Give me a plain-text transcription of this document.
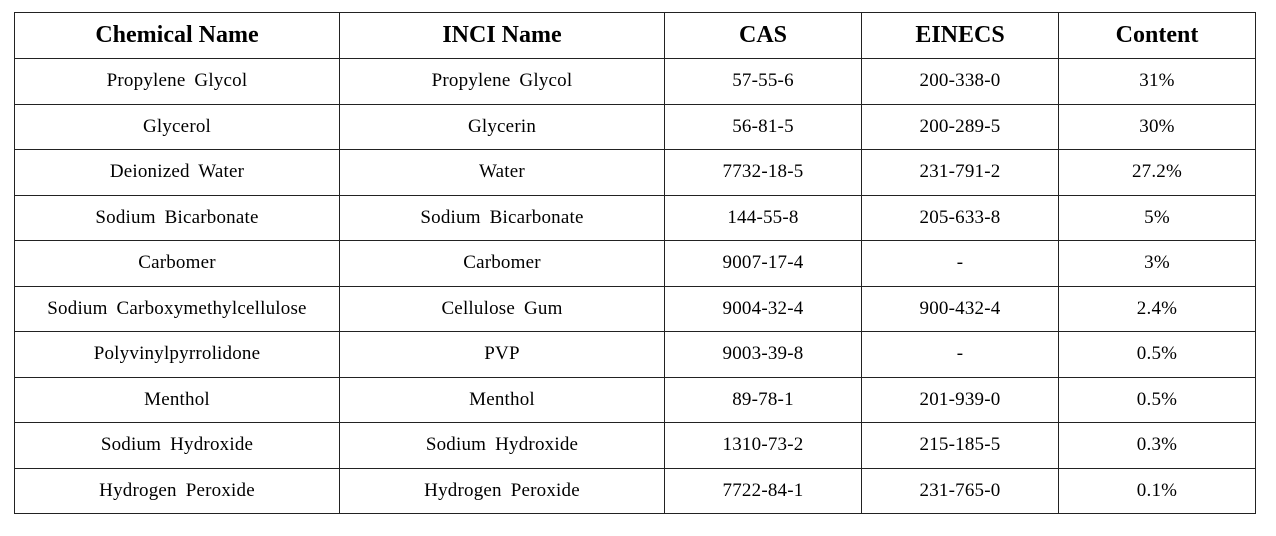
Chemical Name	INCI Name	CAS	EINECS	Content
Propylene Glycol	Propylene Glycol	57-55-6	200-338-0	31%
Glycerol	Glycerin	56-81-5	200-289-5	30%
Deionized Water	Water	7732-18-5	231-791-2	27.2%
Sodium Bicarbonate	Sodium Bicarbonate	144-55-8	205-633-8	5%
Carbomer	Carbomer	9007-17-4	-	3%
Sodium Carboxymethylcellulose	Cellulose Gum	9004-32-4	900-432-4	2.4%
Polyvinylpyrrolidone	PVP	9003-39-8	-	0.5%
Menthol	Menthol	89-78-1	201-939-0	0.5%
Sodium Hydroxide	Sodium Hydroxide	1310-73-2	215-185-5	0.3%
Hydrogen Peroxide	Hydrogen Peroxide	7722-84-1	231-765-0	0.1%
